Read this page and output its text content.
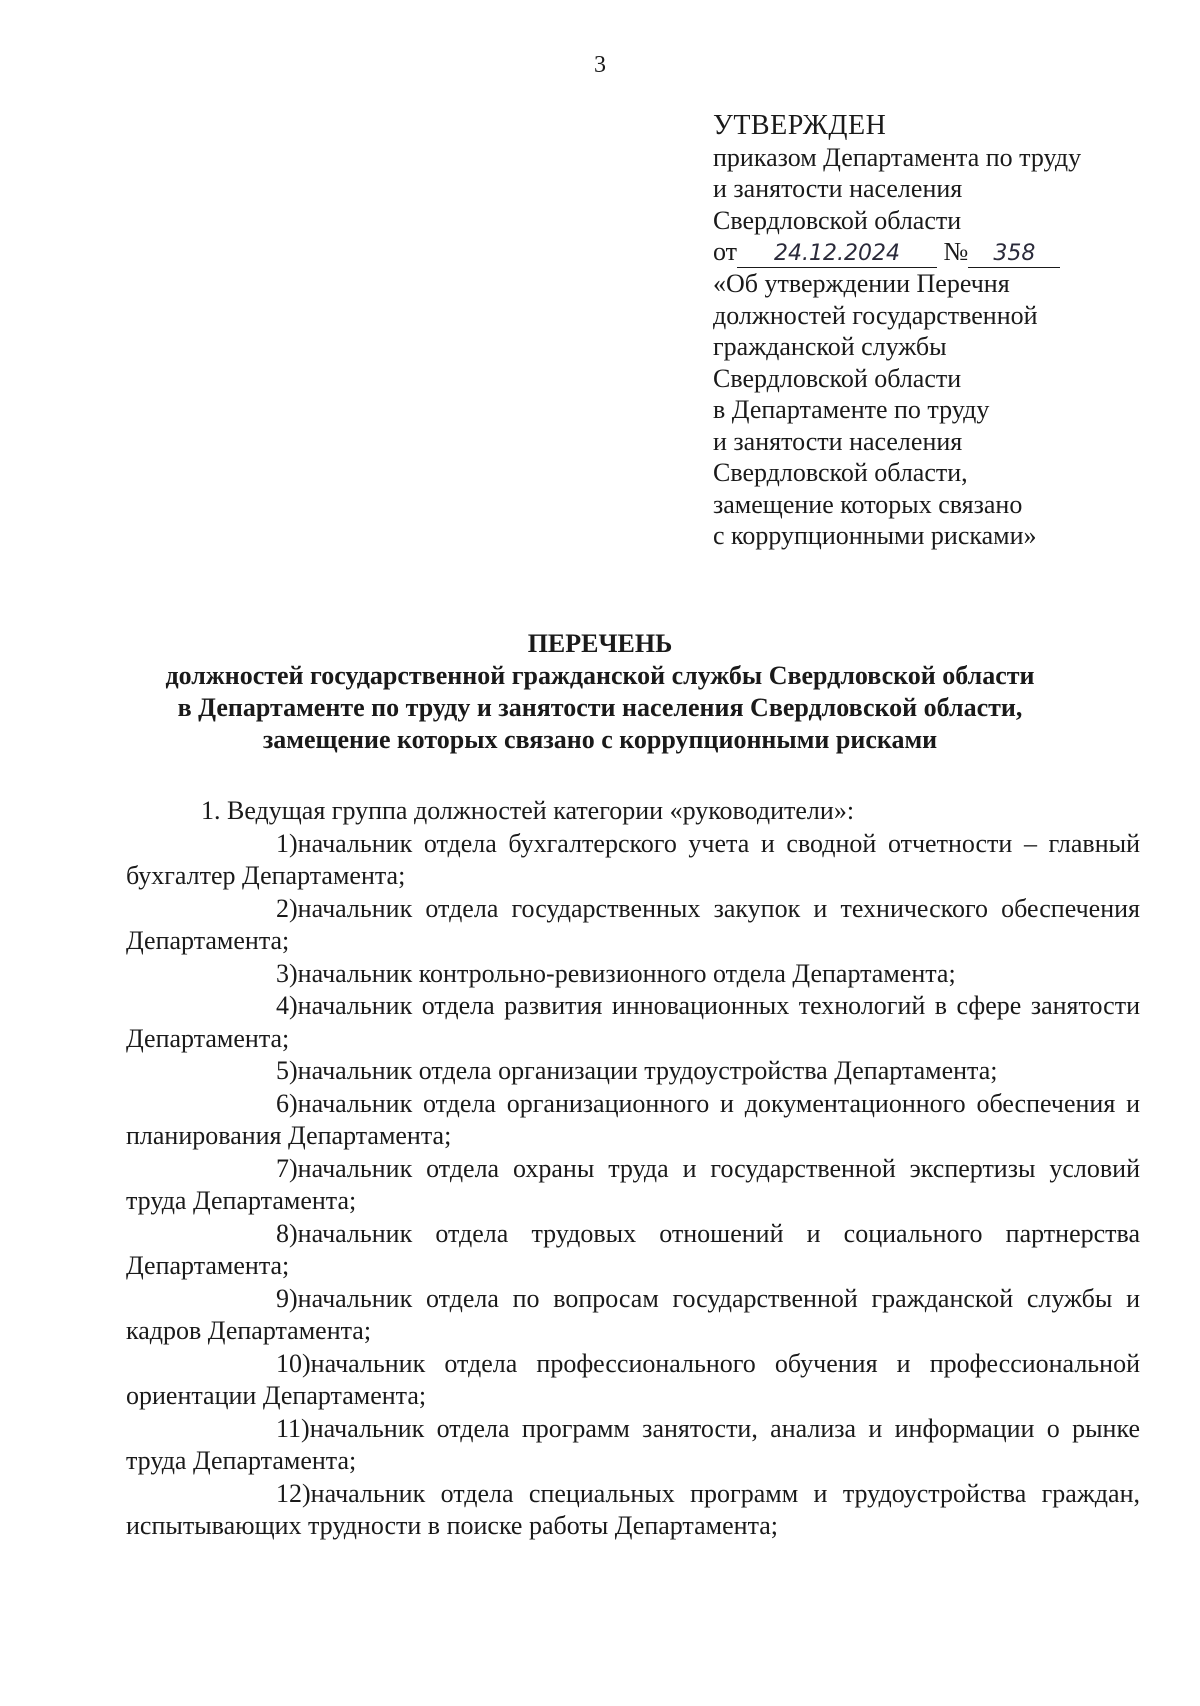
3
УТВЕРЖДЕН
приказом Департамента по труду
и занятости населения
Свердловской области
от 24.12.2024 № 358
«Об утверждении Перечня
должностей государственной
гражданской службы
Свердловской области
в Департаменте по труду
и занятости населения
Свердловской области,
замещение которых связано
с коррупционными рисками»
ПЕРЕЧЕНЬ
должностей государственной гражданской службы Свердловской области
в Департаменте по труду и занятости населения Свердловской области,
замещение которых связано с коррупционными рисками

1. Ведущая группа должностей категории «руководители»:

1)начальник отдела бухгалтерского учета и сводной отчетности – главный бухгалтер Департамента;

2)начальник отдела государственных закупок и технического обеспечения Департамента;

3)начальник контрольно-ревизионного отдела Департамента;

4)начальник отдела развития инновационных технологий в сфере занятости Департамента;

5)начальник отдела организации трудоустройства Департамента;

6)начальник отдела организационного и документационного обеспечения и планирования Департамента;

7)начальник отдела охраны труда и государственной экспертизы условий труда Департамента;

8)начальник отдела трудовых отношений и социального партнерства Департамента;

9)начальник отдела по вопросам государственной гражданской службы и кадров Департамента;

10)начальник отдела профессионального обучения и профессиональной ориентации Департамента;

11)начальник отдела программ занятости, анализа и информации о рынке труда Департамента;

12)начальник отдела специальных программ и трудоустройства граждан, испытывающих трудности в поиске работы Департамента;
